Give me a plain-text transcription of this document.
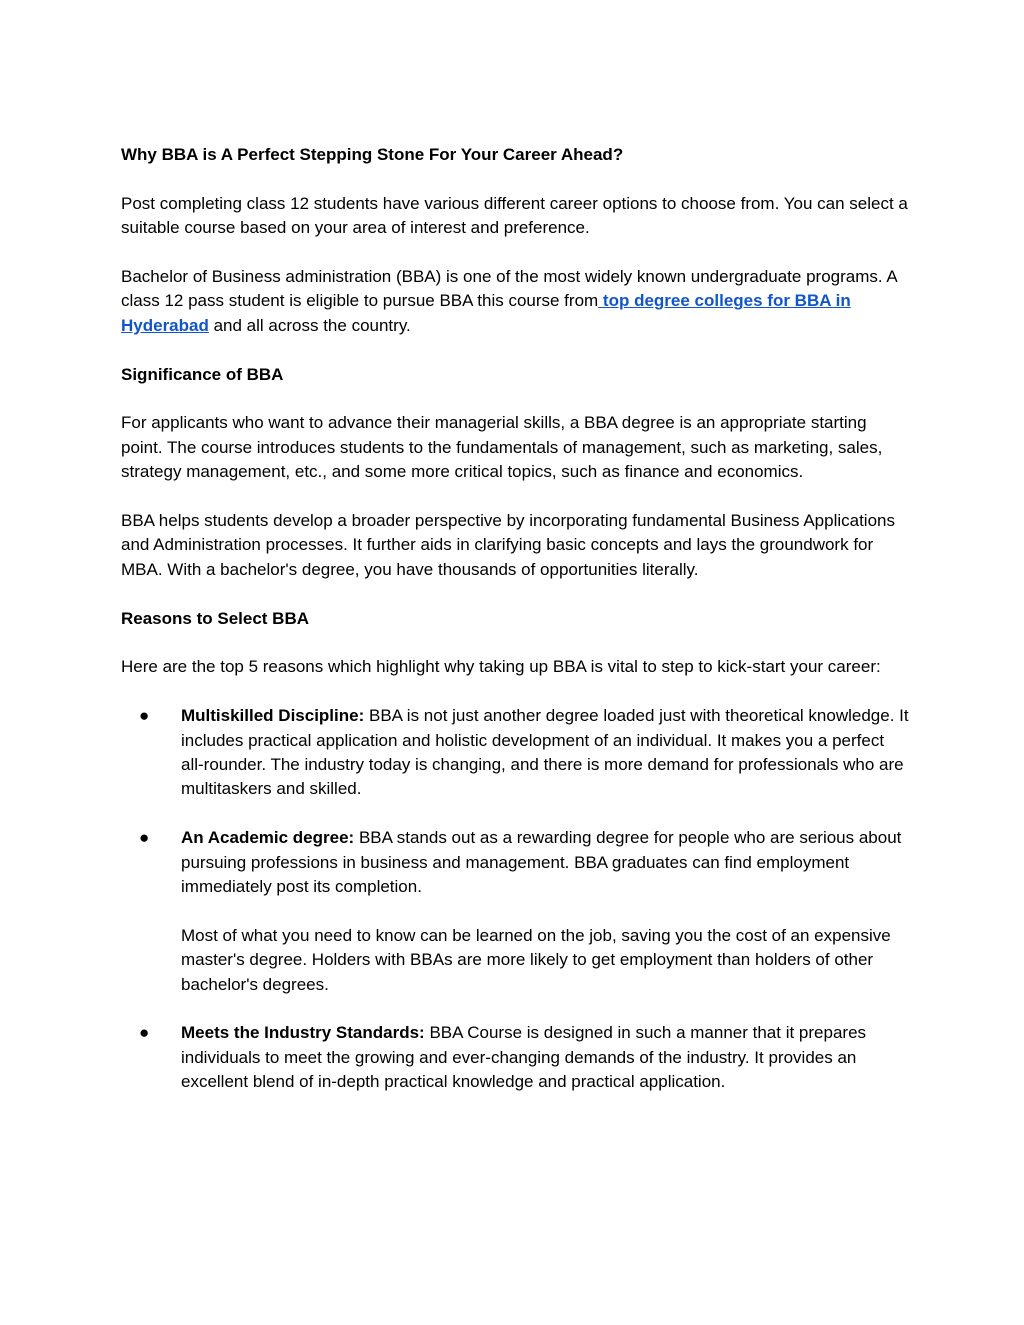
Why BBA is A Perfect Stepping Stone For Your Career Ahead?

Post completing class 12 students have various different career options to choose from. You can select a suitable course based on your area of interest and preference.

Bachelor of Business administration (BBA) is one of the most widely known undergraduate programs. A class 12 pass student is eligible to pursue BBA this course from top degree colleges for BBA in Hyderabad and all across the country.

Significance of BBA

For applicants who want to advance their managerial skills, a BBA degree is an appropriate starting point. The course introduces students to the fundamentals of management, such as marketing, sales, strategy management, etc., and some more critical topics, such as finance and economics.

BBA helps students develop a broader perspective by incorporating fundamental Business Applications and Administration processes. It further aids in clarifying basic concepts and lays the groundwork for MBA. With a bachelor's degree, you have thousands of opportunities literally.

Reasons to Select BBA

Here are the top 5 reasons which highlight why taking up BBA is vital to step to kick-start your career:

● Multiskilled Discipline: BBA is not just another degree loaded just with theoretical knowledge. It includes practical application and holistic development of an individual. It makes you a perfect all-rounder. The industry today is changing, and there is more demand for professionals who are multitaskers and skilled.
● An Academic degree: BBA stands out as a rewarding degree for people who are serious about pursuing professions in business and management. BBA graduates can find employment immediately post its completion.
Most of what you need to know can be learned on the job, saving you the cost of an expensive master's degree. Holders with BBAs are more likely to get employment than holders of other bachelor's degrees.
● Meets the Industry Standards: BBA Course is designed in such a manner that it prepares individuals to meet the growing and ever-changing demands of the industry. It provides an excellent blend of in-depth practical knowledge and practical application.
